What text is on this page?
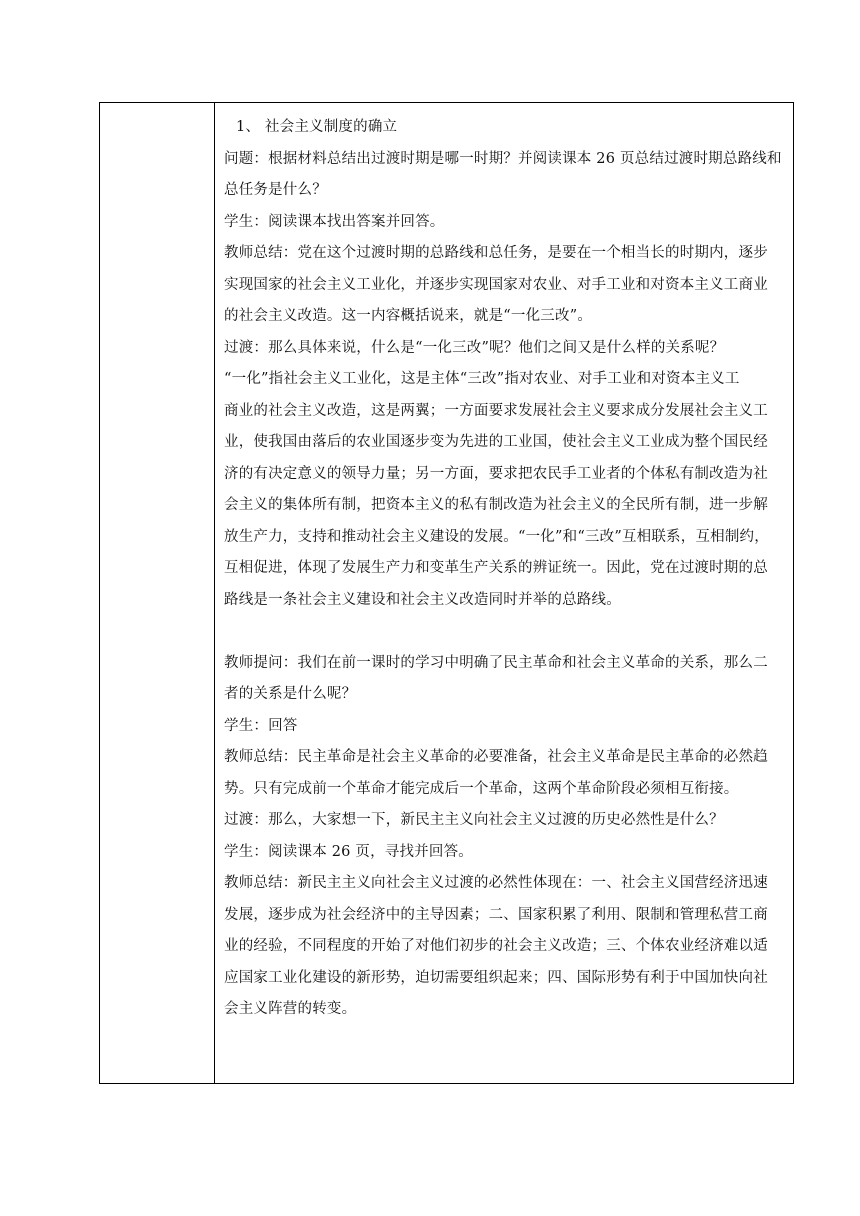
1、 社会主义制度的确立
问题：根据材料总结出过渡时期是哪一时期？并阅读课本 26 页总结过渡时期总路线和
总任务是什么？
学生：阅读课本找出答案并回答。
教师总结：党在这个过渡时期的总路线和总任务，是要在一个相当长的时期内，逐步
实现国家的社会主义工业化，并逐步实现国家对农业、对手工业和对资本主义工商业
的社会主义改造。这一内容概括说来，就是“一化三改”。
过渡：那么具体来说，什么是“一化三改”呢？他们之间又是什么样的关系呢？
“一化”指社会主义工业化，这是主体“三改”指对农业、对手工业和对资本主义工
商业的社会主义改造，这是两翼；一方面要求发展社会主义要求成分发展社会主义工
业，使我国由落后的农业国逐步变为先进的工业国，使社会主义工业成为整个国民经
济的有决定意义的领导力量；另一方面，要求把农民手工业者的个体私有制改造为社
会主义的集体所有制，把资本主义的私有制改造为社会主义的全民所有制，进一步解
放生产力，支持和推动社会主义建设的发展。“一化”和“三改”互相联系，互相制约，
互相促进，体现了发展生产力和变革生产关系的辨证统一。因此，党在过渡时期的总
路线是一条社会主义建设和社会主义改造同时并举的总路线。
教师提问：我们在前一课时的学习中明确了民主革命和社会主义革命的关系，那么二
者的关系是什么呢？
学生：回答
教师总结：民主革命是社会主义革命的必要准备，社会主义革命是民主革命的必然趋
势。只有完成前一个革命才能完成后一个革命，这两个革命阶段必须相互衔接。
过渡：那么，大家想一下，新民主主义向社会主义过渡的历史必然性是什么？
学生：阅读课本 26 页，寻找并回答。
教师总结：新民主主义向社会主义过渡的必然性体现在：一、社会主义国营经济迅速
发展，逐步成为社会经济中的主导因素；二、国家积累了利用、限制和管理私营工商
业的经验，不同程度的开始了对他们初步的社会主义改造；三、个体农业经济难以适
应国家工业化建设的新形势，迫切需要组织起来；四、国际形势有利于中国加快向社
会主义阵营的转变。
